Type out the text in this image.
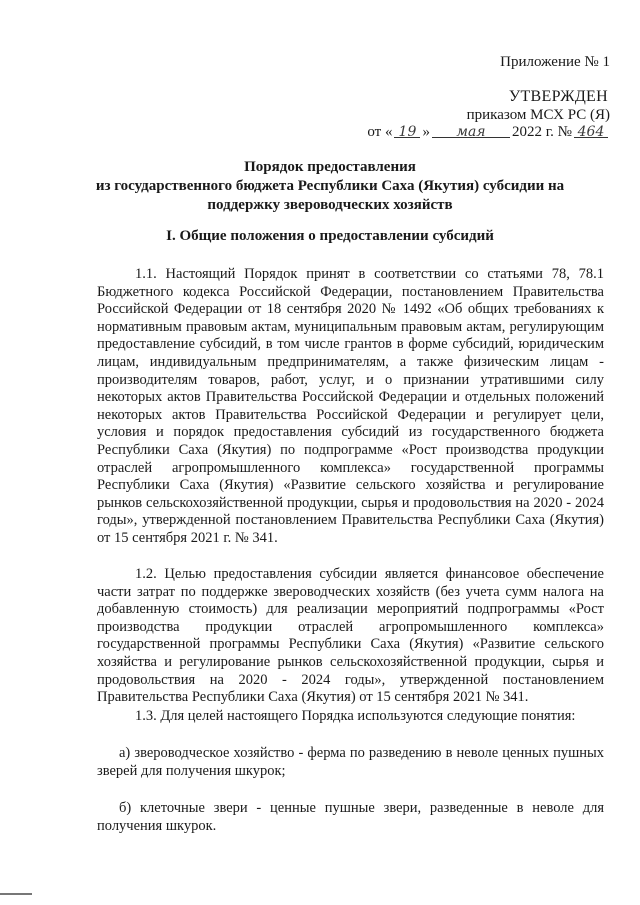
Приложение № 1
УТВЕРЖДЕН
приказом МСХ РС (Я)
от « 19 »	мая	2022 г. № 464
Порядок предоставления
из государственного бюджета Республики Саха (Якутия) субсидии на
поддержку звероводческих хозяйств
I. Общие положения о предоставлении субсидий
1.1. Настоящий Порядок принят в соответствии со статьями 78, 78.1 Бюджетного кодекса Российской Федерации, постановлением Правительства Российской Федерации от 18 сентября 2020 № 1492 «Об общих требованиях к нормативным правовым актам, муниципальным правовым актам, регулирующим предоставление субсидий, в том числе грантов в форме субсидий, юридическим лицам, индивидуальным предпринимателям, а также физическим лицам - производителям товаров, работ, услуг, и о признании утратившими силу некоторых актов Правительства Российской Федерации и отдельных положений некоторых актов Правительства Российской Федерации и регулирует цели, условия и порядок предоставления субсидий из государственного бюджета Республики Саха (Якутия) по подпрограмме «Рост производства продукции отраслей агропромышленного комплекса» государственной программы Республики Саха (Якутия) «Развитие сельского хозяйства и регулирование рынков сельскохозяйственной продукции, сырья и продовольствия на 2020 - 2024 годы», утвержденной постановлением Правительства Республики Саха (Якутия) от 15 сентября 2021 г. № 341.
1.2. Целью предоставления субсидии является финансовое обеспечение части затрат по поддержке звероводческих хозяйств (без учета сумм налога на добавленную стоимость) для реализации мероприятий подпрограммы «Рост производства продукции отраслей агропромышленного комплекса» государственной программы Республики Саха (Якутия) «Развитие сельского хозяйства и регулирование рынков сельскохозяйственной продукции, сырья и продовольствия на 2020 - 2024 годы», утвержденной постановлением Правительства Республики Саха (Якутия) от 15 сентября 2021 № 341.
1.3. Для целей настоящего Порядка используются следующие понятия:
а) звероводческое хозяйство - ферма по разведению в неволе ценных пушных зверей для получения шкурок;
б) клеточные звери - ценные пушные звери, разведенные в неволе для получения шкурок.
